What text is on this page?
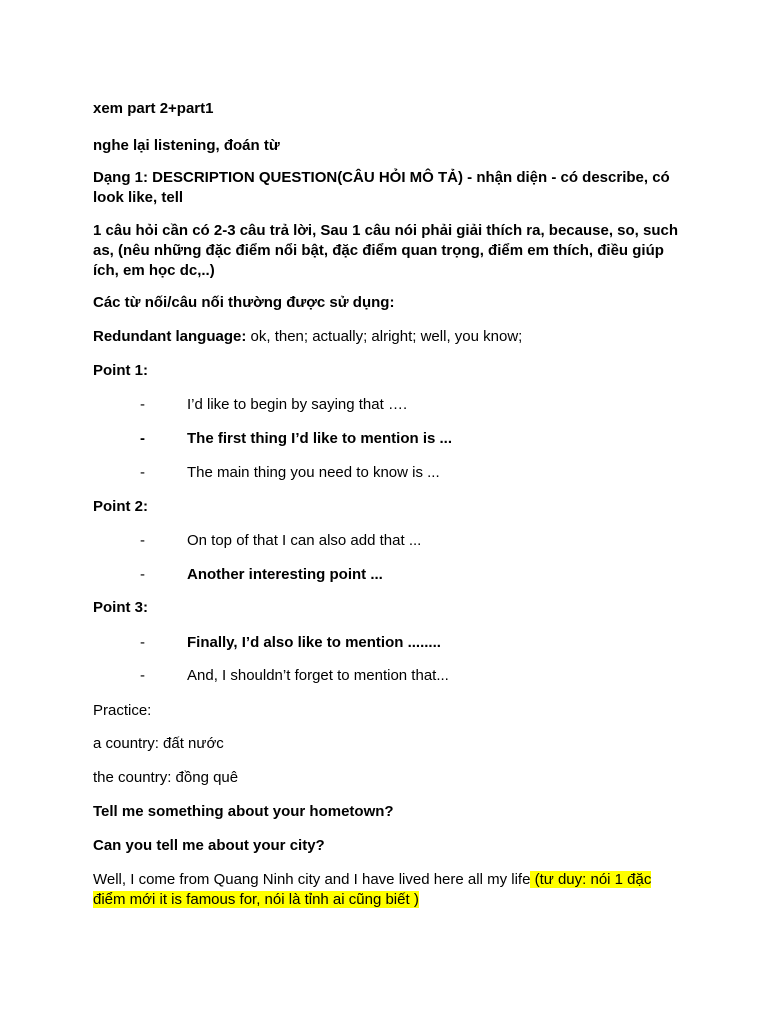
xem part 2+part1
nghe lại listening, đoán từ
Dạng 1: DESCRIPTION QUESTION(CÂU HỎI MÔ TẢ) - nhận diện - có describe, có look like, tell
1 câu hỏi cần có 2-3 câu trả lời, Sau 1 câu nói phải giải thích ra, because, so, such as, (nêu những đặc điểm nổi bật, đặc điểm quan trọng, điểm em thích, điều giúp ích, em học dc,..)
Các từ nối/câu nối thường được sử dụng:
Redundant language: ok, then; actually; alright; well, you know;
Point 1:
-	I’d like to begin by saying that ….
-	The first thing I’d like to mention is ...
-	The main thing you need to know is ...
Point 2:
-	On top of that I can also add that ...
-	Another interesting point ...
Point 3:
-	Finally, I’d also like to mention ........
-	And, I shouldn’t forget to mention that...
Practice:
a country: đất nước
the country: đồng quê
Tell me something about your hometown?
Can you tell me about your city?
Well, I come from Quang Ninh city and I have lived here all my life (tư duy: nói 1 đặc điểm mới it is famous for, nói là tỉnh ai cũng biết )
